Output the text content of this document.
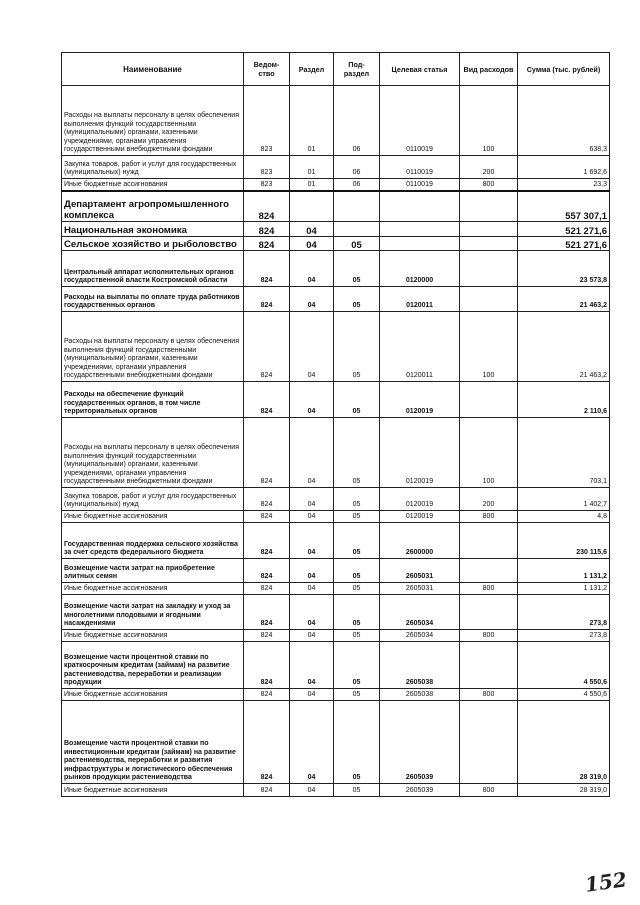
Наименование	Ведом-ство	Раздел	Под-раздел	Целевая статья	Вид расходов	Сумма (тыс. рублей)
Расходы на выплаты персоналу в целях обеспечения выполнения функций государственными (муниципальными) органами, казенными учреждениями, органами управления государственными внебюджетными фондами	823	01	06	0110019	100	638,3
Закупка товаров, работ и услуг для государственных (муниципальных) нужд	823	01	06	0110019	200	1 692,6
Иные бюджетные ассигнования	823	01	06	0110019	800	23,3
Департамент агропромышленного комплекса	824					557 307,1
Национальная экономика	824	04				521 271,6
Сельское хозяйство и рыболовство	824	04	05			521 271,6
Центральный аппарат исполнительных органов государственной власти Костромской области	824	04	05	0120000		23 573,8
Расходы на выплаты по оплате труда работников государственных органов	824	04	05	0120011		21 463,2
Расходы на выплаты персоналу в целях обеспечения выполнения функций государственными (муниципальными) органами, казенными учреждениями, органами управления государственными внебюджетными фондами	824	04	05	0120011	100	21 463,2
Расходы на обеспечение функций государственных органов, в том числе территориальных органов	824	04	05	0120019		2 110,6
Расходы на выплаты персоналу в целях обеспечения выполнения функций государственными (муниципальными) органами, казенными учреждениями, органами управления государственными внебюджетными фондами	824	04	05	0120019	100	703,1
Закупка товаров, работ и услуг для государственных (муниципальных) нужд	824	04	05	0120019	200	1 402,7
Иные бюджетные ассигнования	824	04	05	0120019	800	4,8
Государственная поддержка сельского хозяйства за счет средств федерального бюджета	824	04	05	2600000		230 115,6
Возмещение части затрат на приобретение элитных семян	824	04	05	2605031		1 131,2
Иные бюджетные ассигнования	824	04	05	2605031	800	1 131,2
Возмещение части затрат на закладку и уход за многолетними плодовыми и ягодными насаждениями	824	04	05	2605034		273,8
Иные бюджетные ассигнования	824	04	05	2605034	800	273,8
Возмещение части процентной ставки по краткосрочным кредитам (займам) на развитие растениеводства, переработки и реализации продукции	824	04	05	2605038		4 550,6
Иные бюджетные ассигнования	824	04	05	2605038	800	4 550,6
Возмещение части процентной ставки по инвестиционным кредитам (займам) на развитие растениеводства, переработки и развития инфраструктуры и логистического обеспечения рынков продукции растениеводства	824	04	05	2605039		28 319,0
Иные бюджетные ассигнования	824	04	05	2605039	800	28 319,0
152
